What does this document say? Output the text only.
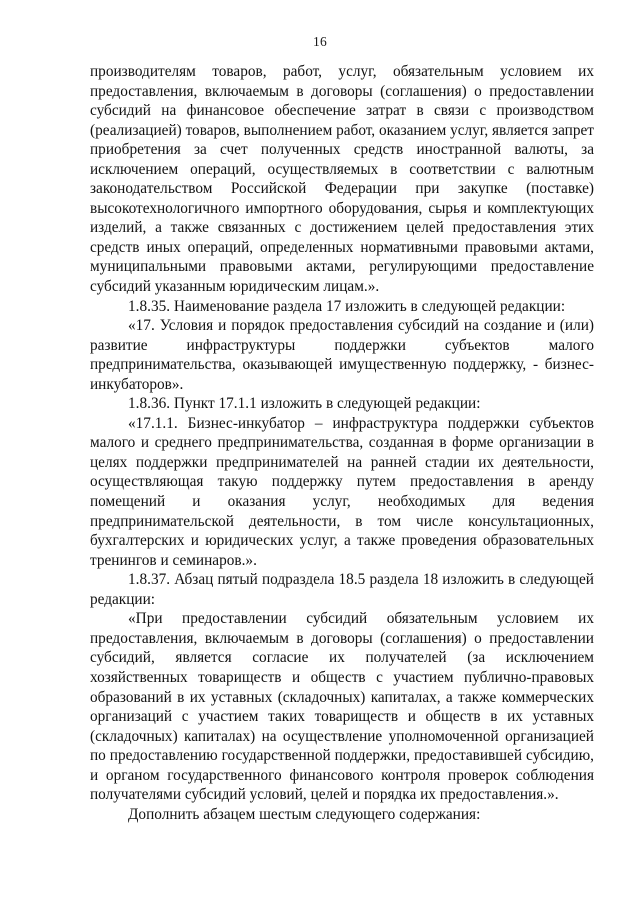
16

производителям товаров, работ, услуг, обязательным условием их предоставления, включаемым в договоры (соглашения) о предоставлении субсидий на финансовое обеспечение затрат в связи с производством (реализацией) товаров, выполнением работ, оказанием услуг, является запрет приобретения за счет полученных средств иностранной валюты, за исключением операций, осуществляемых в соответствии с валютным законодательством Российской Федерации при закупке (поставке) высокотехнологичного импортного оборудования, сырья и комплектующих изделий, а также связанных с достижением целей предоставления этих средств иных операций, определенных нормативными правовыми актами, муниципальными правовыми актами, регулирующими предоставление субсидий указанным юридическим лицам.».

1.8.35. Наименование раздела 17 изложить в следующей редакции:

«17. Условия и порядок предоставления субсидий на создание и (или) развитие инфраструктуры поддержки субъектов малого предпринимательства, оказывающей имущественную поддержку, - бизнес-инкубаторов».

1.8.36. Пункт 17.1.1 изложить в следующей редакции:

«17.1.1. Бизнес-инкубатор – инфраструктура поддержки субъектов малого и среднего предпринимательства, созданная в форме организации в целях поддержки предпринимателей на ранней стадии их деятельности, осуществляющая такую поддержку путем предоставления в аренду помещений и оказания услуг, необходимых для ведения предпринимательской деятельности, в том числе консультационных, бухгалтерских и юридических услуг, а также проведения образовательных тренингов и семинаров.».

1.8.37. Абзац пятый подраздела 18.5 раздела 18 изложить в следующей редакции:

«При предоставлении субсидий обязательным условием их предоставления, включаемым в договоры (соглашения) о предоставлении субсидий, является согласие их получателей (за исключением хозяйственных товариществ и обществ с участием публично-правовых образований в их уставных (складочных) капиталах, а также коммерческих организаций с участием таких товариществ и обществ в их уставных (складочных) капиталах) на осуществление уполномоченной организацией по предоставлению государственной поддержки, предоставившей субсидию, и органом государственного финансового контроля проверок соблюдения получателями субсидий условий, целей и порядка их предоставления.».

Дополнить абзацем шестым следующего содержания:
